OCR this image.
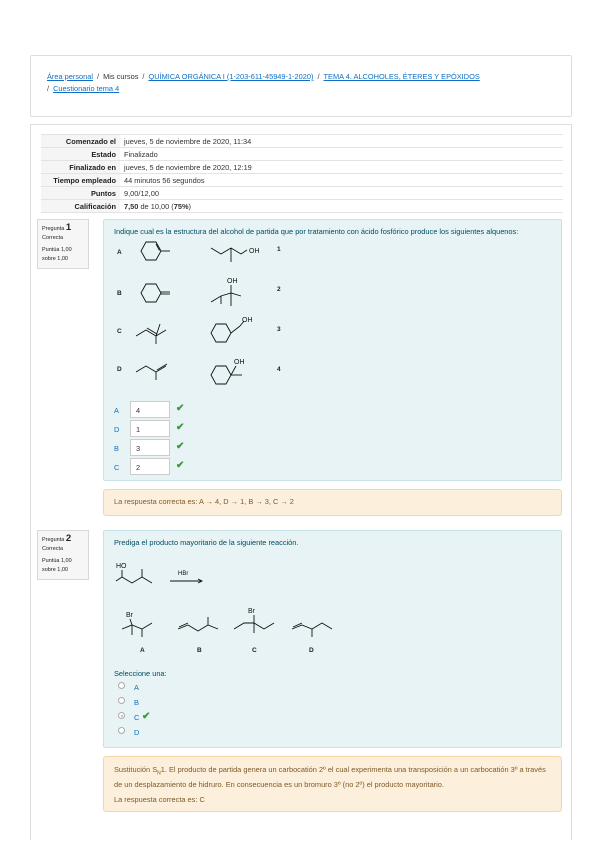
Área personal / Mis cursos / QUÍMICA ORGÁNICA I (1-203-611-45949-1-2020) / TEMA 4. ALCOHOLES, ÉTERES Y EPÓXIDOS
/ Cuestionario tema 4
Comenzado el	jueves, 5 de noviembre de 2020, 11:34
Estado	Finalizado
Finalizado en	jueves, 5 de noviembre de 2020, 12:19
Tiempo empleado	44 minutos 56 segundos
Puntos	9,00/12,00
Calificación	7,50 de 10,00 (75%)
Pregunta 1
Correcta
Puntúa 1,00
sobre 1,00
Indique cual es la estructura del alcohol de partida que por tratamiento con ácido fosfórico produce los siguientes alquenos:
A
B
C
D
OH
OH
OH
OH
1
2
3
4
A	4	✔
D	1	✔
B	3	✔
C	2	✔
La respuesta correcta es: A → 4, D → 1, B → 3, C → 2
Pregunta 2
Correcta
Puntúa 1,00
sobre 1,00
Prediga el producto mayoritario de la siguiente reacción.
HO
HBr
Br
Br
A	B	C	D
Seleccione una:
A
B
C ✔
D
Sustitución $S_N1$. El producto de partida genera un carbocatión 2º el cual experimenta una transposición a un carbocatión 3º a través de un desplazamiento de hidruro. En consecuencia es un bromuro 3º (no 2º) el producto mayoritario.
La respuesta correcta es: C
